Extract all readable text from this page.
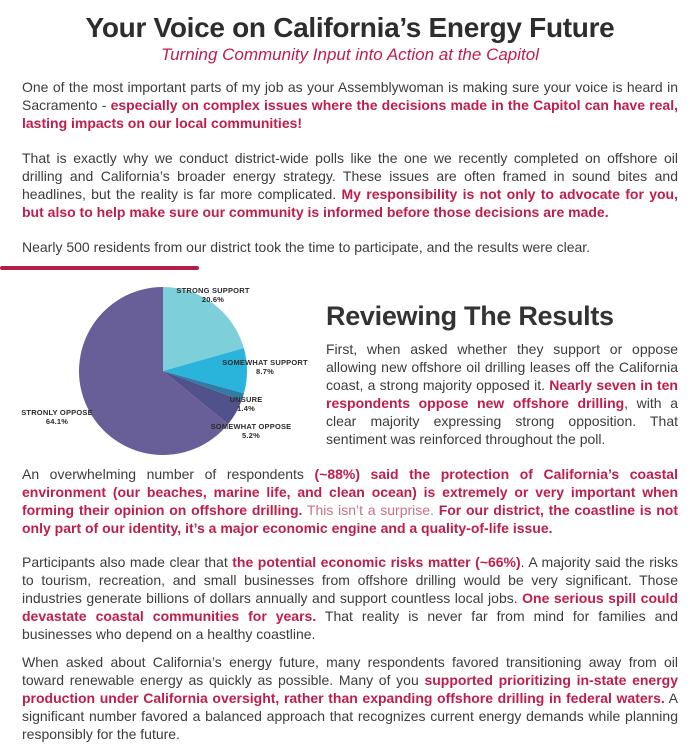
Your Voice on California’s Energy Future
Turning Community Input into Action at the Capitol

One of the most important parts of my job as your Assemblywoman is making sure your voice is heard in Sacramento - especially on complex issues where the decisions made in the Capitol can have real, lasting impacts on our local communities!

That is exactly why we conduct district-wide polls like the one we recently completed on offshore oil drilling and California’s broader energy strategy. These issues are often framed in sound bites and headlines, but the reality is far more complicated. My responsibility is not only to advocate for you, but also to help make sure our community is informed before those decisions are made.

Nearly 500 residents from our district took the time to participate, and the results were clear.

STRONG SUPPORT
20.6%
SOMEWHAT SUPPORT
8.7%
UNSURE
1.4%
SOMEWHAT OPPOSE
5.2%
STRONLY OPPOSE
64.1%
Reviewing The Results

First, when asked whether they support or oppose allowing new offshore oil drilling leases off the California coast, a strong majority opposed it. Nearly seven in ten respondents oppose new offshore drilling, with a clear majority expressing strong opposition. That sentiment was reinforced throughout the poll.

An overwhelming number of respondents (~88%) said the protection of California’s coastal environment (our beaches, marine life, and clean ocean) is extremely or very important when forming their opinion on offshore drilling. This isn’t a surprise. For our district, the coastline is not only part of our identity, it’s a major economic engine and a quality-of-life issue.

Participants also made clear that the potential economic risks matter (~66%). A majority said the risks to tourism, recreation, and small businesses from offshore drilling would be very significant. Those industries generate billions of dollars annually and support countless local jobs. One serious spill could devastate coastal communities for years. That reality is never far from mind for families and businesses who depend on a healthy coastline.

When asked about California’s energy future, many respondents favored transitioning away from oil toward renewable energy as quickly as possible. Many of you supported prioritizing in-state energy production under California oversight, rather than expanding offshore drilling in federal waters. A significant number favored a balanced approach that recognizes current energy demands while planning responsibly for the future.
